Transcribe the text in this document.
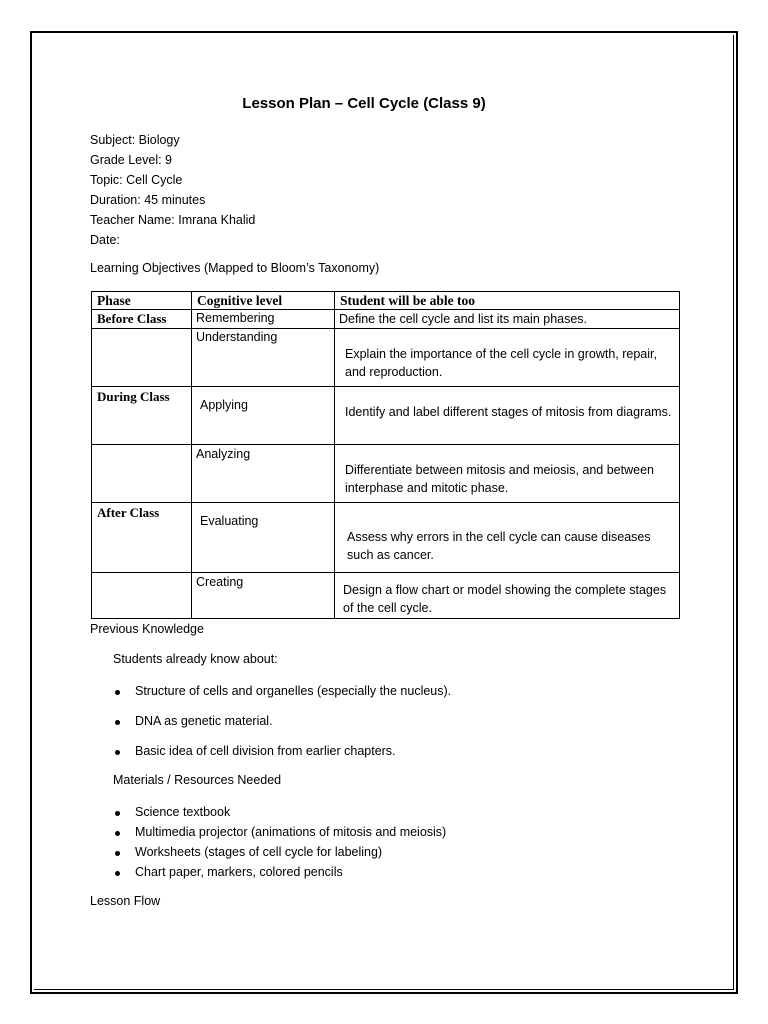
Lesson Plan – Cell Cycle (Class 9)
Subject: Biology
Grade Level: 9
Topic: Cell Cycle
Duration: 45 minutes
Teacher Name: Imrana Khalid
Date:
Learning Objectives (Mapped to Bloom’s Taxonomy)
Phase	Cognitive level	Student will be able too
Before Class	Remembering	Define the cell cycle and list its main phases.
	Understanding	Explain the importance of the cell cycle in growth, repair, and reproduction.
During Class	Applying	Identify and label different stages of mitosis from diagrams.
	Analyzing	Differentiate between mitosis and meiosis, and between interphase and mitotic phase.
After Class	Evaluating	Assess why errors in the cell cycle can cause diseases such as cancer.
	Creating	Design a flow chart or model showing the complete stages of the cell cycle.
Previous Knowledge
Students already know about:
Structure of cells and organelles (especially the nucleus).
DNA as genetic material.
Basic idea of cell division from earlier chapters.
Materials / Resources Needed
Science textbook
Multimedia projector (animations of mitosis and meiosis)
Worksheets (stages of cell cycle for labeling)
Chart paper, markers, colored pencils
Lesson Flow
